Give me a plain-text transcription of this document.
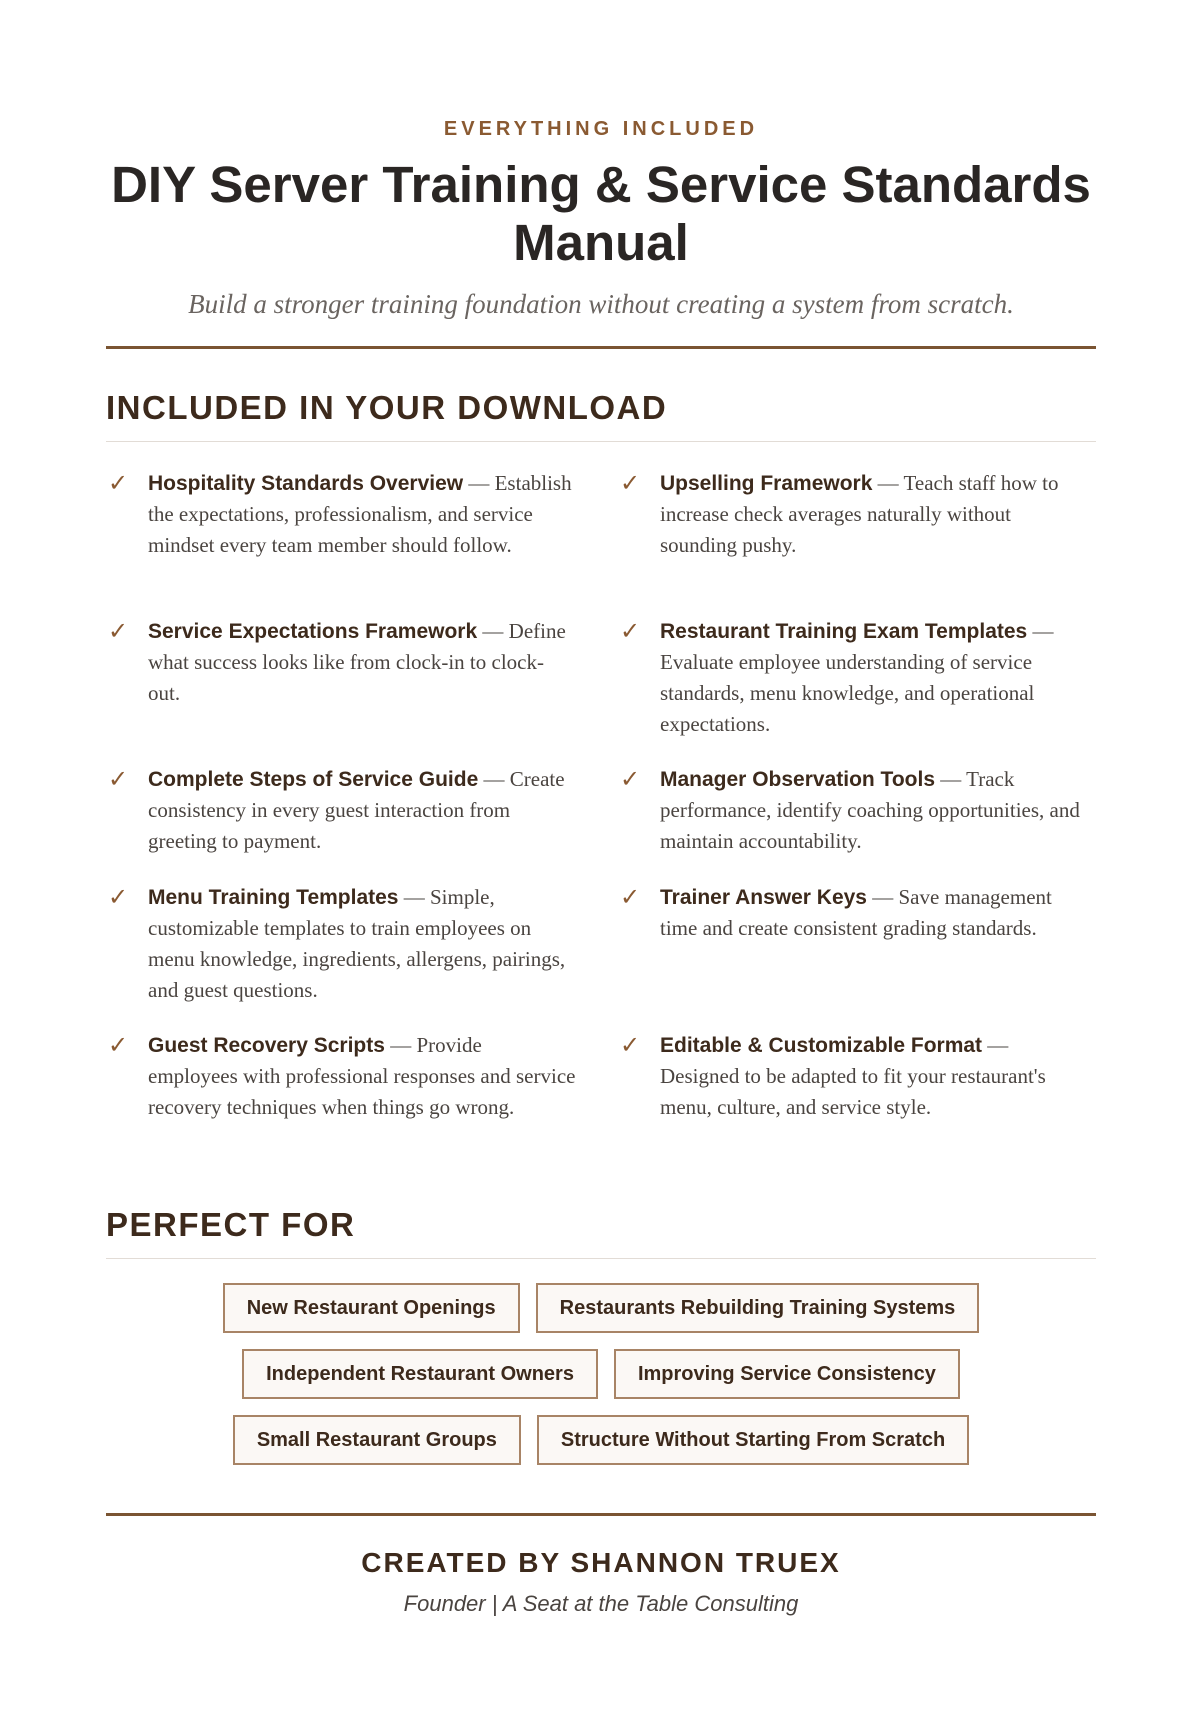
EVERYTHING INCLUDED
DIY Server Training & Service Standards Manual
Build a stronger training foundation without creating a system from scratch.
INCLUDED IN YOUR DOWNLOAD
✓ Hospitality Standards Overview — Establish the expectations, professionalism, and service mindset every team member should follow.
✓ Upselling Framework — Teach staff how to increase check averages naturally without sounding pushy.
✓ Service Expectations Framework — Define what success looks like from clock-in to clock-out.
✓ Restaurant Training Exam Templates — Evaluate employee understanding of service standards, menu knowledge, and operational expectations.
✓ Complete Steps of Service Guide — Create consistency in every guest interaction from greeting to payment.
✓ Manager Observation Tools — Track performance, identify coaching opportunities, and maintain accountability.
✓ Menu Training Templates — Simple, customizable templates to train employees on menu knowledge, ingredients, allergens, pairings, and guest questions.
✓ Trainer Answer Keys — Save management time and create consistent grading standards.
✓ Guest Recovery Scripts — Provide employees with professional responses and service recovery techniques when things go wrong.
✓ Editable & Customizable Format — Designed to be adapted to fit your restaurant's menu, culture, and service style.
PERFECT FOR
New Restaurant Openings	Restaurants Rebuilding Training Systems
Independent Restaurant Owners	Improving Service Consistency
Small Restaurant Groups	Structure Without Starting From Scratch
CREATED BY SHANNON TRUEX
Founder | A Seat at the Table Consulting
